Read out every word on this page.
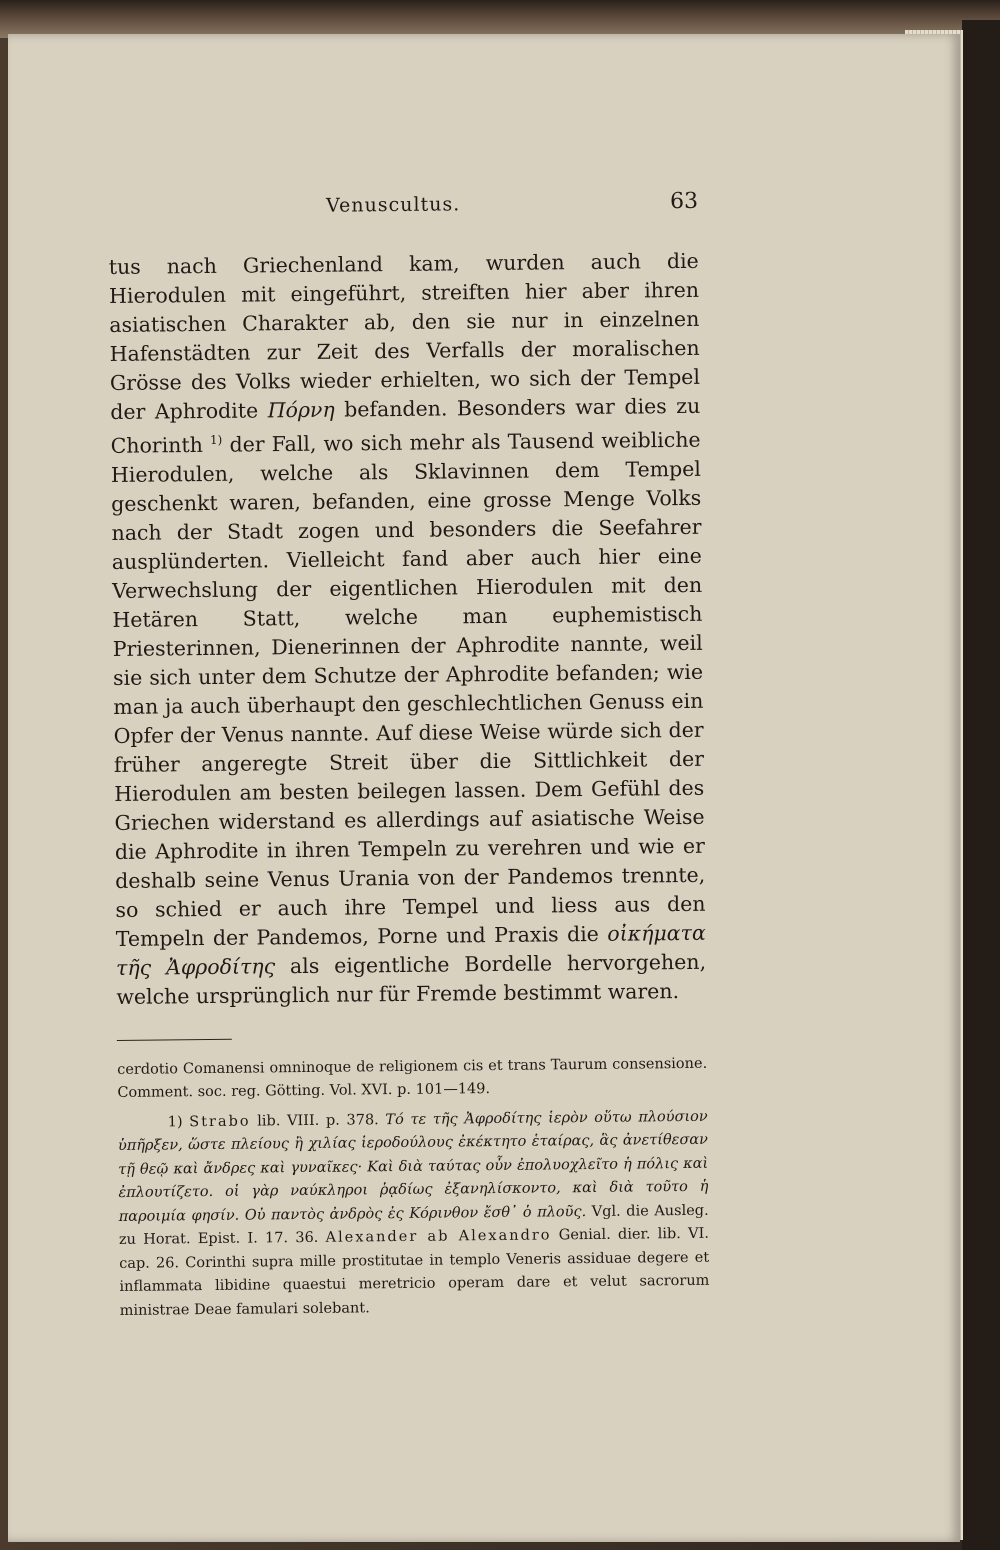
Venuscultus.	63

tus nach Griechenland kam, wurden auch die Hierodulen mit eingeführt, streiften hier aber ihren asiatischen Charakter ab, den sie nur in einzelnen Hafenstädten zur Zeit des Verfalls der moralischen Grösse des Volks wieder erhielten, wo sich der Tempel der Aphrodite Πόρνη befanden. Besonders war dies zu Chorinth $^{1)}$ der Fall, wo sich mehr als Tausend weibliche Hierodulen, welche als Sklavinnen dem Tempel geschenkt waren, befanden, eine grosse Menge Volks nach der Stadt zogen und besonders die Seefahrer ausplünderten. Vielleicht fand aber auch hier eine Verwechslung der eigentlichen Hierodulen mit den Hetären Statt, welche man euphemistisch Priesterinnen, Dienerinnen der Aphrodite nannte, weil sie sich unter dem Schutze der Aphrodite befanden; wie man ja auch überhaupt den geschlechtlichen Genuss ein Opfer der Venus nannte. Auf diese Weise würde sich der früher angeregte Streit über die Sittlichkeit der Hierodulen am besten beilegen lassen. Dem Gefühl des Griechen widerstand es allerdings auf asiatische Weise die Aphrodite in ihren Tempeln zu verehren und wie er deshalb seine Venus Urania von der Pandemos trennte, so schied er auch ihre Tempel und liess aus den Tempeln der Pandemos, Porne und Praxis die οἰκήματα τῆς Ἀφροδίτης als eigentliche Bordelle hervorgehen, welche ursprünglich nur für Fremde bestimmt waren.

cerdotio Comanensi omninoque de religionem cis et trans Taurum consensione. Comment. soc. reg. Götting. Vol. XVI. p. 101—149.

1) Strabo lib. VIII. p. 378. Τό τε τῆς Ἀφροδίτης ἱερὸν οὕτω πλούσιον ὑπῆρξεν, ὥστε πλείους ἢ χιλίας ἱεροδούλους ἐκέκτητο ἑταίρας, ἃς ἀνετίθεσαν τῇ θεῷ καὶ ἄνδρες καὶ γυναῖκες· Καὶ διὰ ταύτας οὖν ἐπολυοχλεῖτο ἡ πόλις καὶ ἐπλουτίζετο. οἱ γὰρ ναύκληροι ῥᾳδίως ἐξανηλίσκοντο, καὶ διὰ τοῦτο ἡ παροιμία φησίν. Οὐ παντὸς ἀνδρὸς ἐς Κόρινθον ἔσθ᾽ ὁ πλοῦς. Vgl. die Ausleg. zu Horat. Epist. I. 17. 36. Alexander ab Alexandro Genial. dier. lib. VI. cap. 26. Corinthi supra mille prostitutae in templo Veneris assiduae degere et inflammata libidine quaestui meretricio operam dare et velut sacrorum ministrae Deae famulari solebant.
